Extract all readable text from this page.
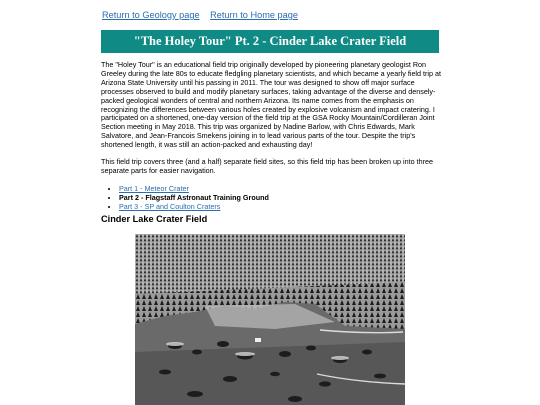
Return to Geology page Return to Home page
"The Holey Tour" Pt. 2 - Cinder Lake Crater Field

The "Holey Tour" is an educational field trip originally developed by pioneering planetary geologist Ron Greeley during the late 80s to educate fledgling planetary scientists, and which became a yearly field trip at Arizona State University until his passing in 2011. The tour was designed to show off major surface processes observed to build and modify planetary surfaces, taking advantage of the diverse and densely-packed geological wonders of central and northern Arizona. Its name comes from the emphasis on recognizing the differences between various holes created by explosive volcanism and impact cratering. I participated on a shortened, one-day version of the field trip at the GSA Rocky Mountain/Cordilleran Joint Section meeting in May 2018. This trip was organized by Nadine Barlow, with Chris Edwards, Mark Salvatore, and Jean-Francois Smekens joining in to lead various parts of the tour. Despite the trip's shortened length, it was still an action-packed and exhausting day!

This field trip covers three (and a half) separate field sites, so this field trip has been broken up into three separate parts for easier navigation.

• Part 1 - Meteor Crater
• Part 2 - Flagstaff Astronaut Training Ground
• Part 3 - SP and Coulton Craters
Cinder Lake Crater Field
